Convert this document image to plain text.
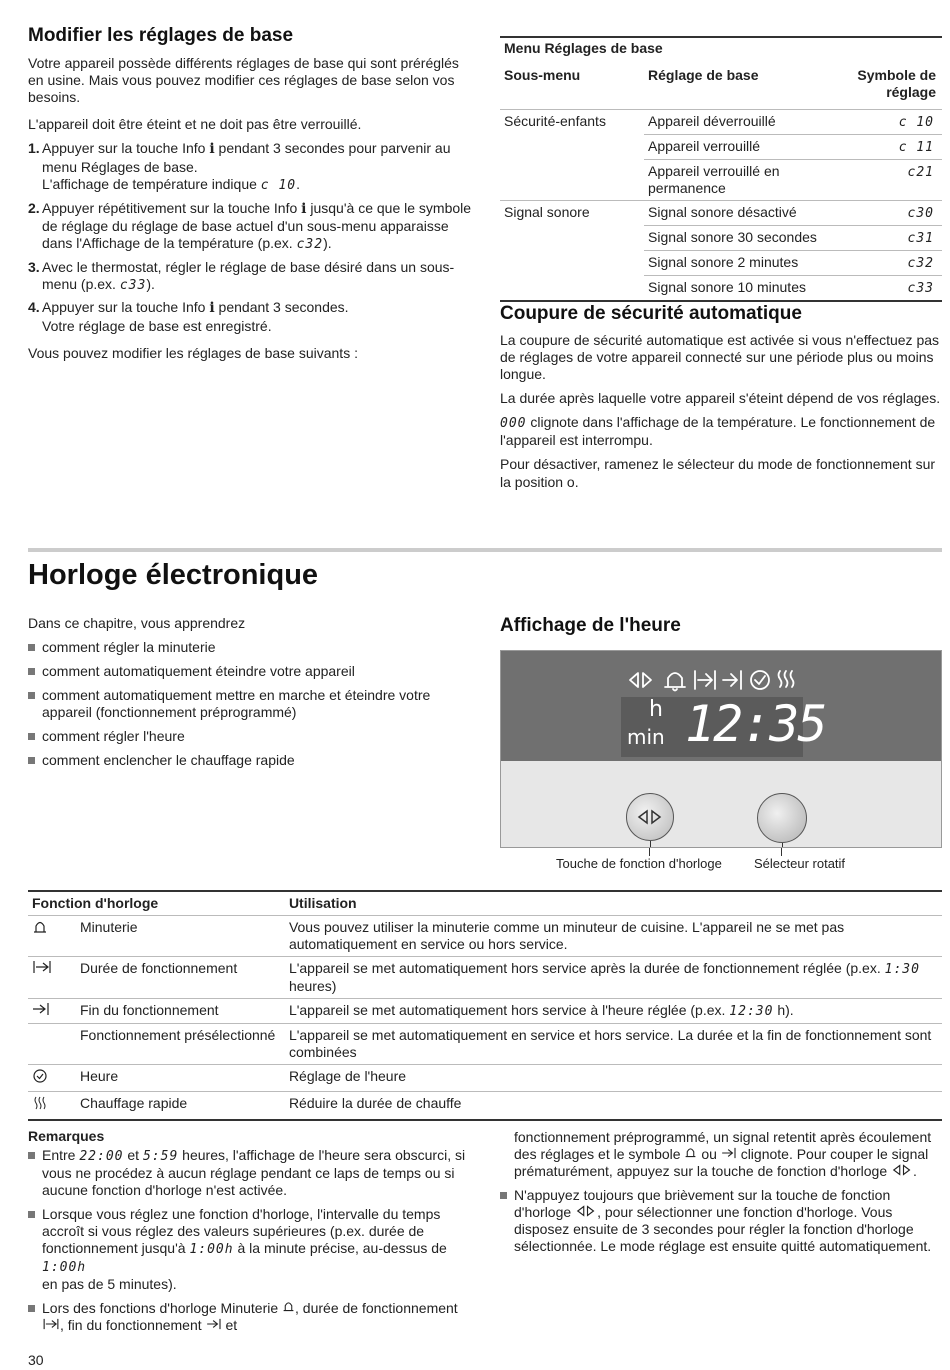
Modifier les réglages de base

Votre appareil possède différents réglages de base qui sont préréglés en usine. Mais vous pouvez modifier ces réglages de base selon vos besoins.

L'appareil doit être éteint et ne doit pas être verrouillé.

1. Appuyer sur la touche Info i pendant 3 secondes pour parvenir au menu Réglages de base.
L'affichage de température indique c 10.
2. Appuyer répétitivement sur la touche Info i jusqu'à ce que le symbole de réglage du réglage de base actuel d'un sous-menu apparaisse dans l'Affichage de la température (p.ex. c32).
3. Avec le thermostat, régler le réglage de base désiré dans un sous-menu (p.ex. c33).
4. Appuyer sur la touche Info i pendant 3 secondes.
Votre réglage de base est enregistré.

Vous pouvez modifier les réglages de base suivants :

Menu Réglages de base		
Sous-menu	Réglage de base	Symbole de réglage
Sécurité-enfants	Appareil déverrouillé	c 10
	Appareil verrouillé	c 11
	Appareil verrouillé en permanence	c21
Signal sonore	Signal sonore désactivé	c30
	Signal sonore 30 secondes	c31
	Signal sonore 2 minutes	c32
	Signal sonore 10 minutes	c33
Coupure de sécurité automatique

La coupure de sécurité automatique est activée si vous n'effectuez pas de réglages de votre appareil connecté sur une période plus ou moins longue.

La durée après laquelle votre appareil s'éteint dépend de vos réglages.

000 clignote dans l'affichage de la température. Le fonctionnement de l'appareil est interrompu.

Pour désactiver, ramenez le sélecteur du mode de fonctionnement sur la position o.

Horloge électronique

Dans ce chapitre, vous apprendrez

comment régler la minuterie
comment automatiquement éteindre votre appareil
comment automatiquement mettre en marche et éteindre votre appareil (fonctionnement préprogrammé)
comment régler l'heure
comment enclencher le chauffage rapide
Affichage de l'heure
h
min 12:35
Touche de fonction d'horloge Sélecteur rotatif
Fonction d'horloge		Utilisation
	Minuterie	Vous pouvez utiliser la minuterie comme un minuteur de cuisine. L'appareil ne se met pas automatiquement en service ou hors service.
	Durée de fonctionnement	L'appareil se met automatiquement hors service après la durée de fonctionnement réglée (p.ex. 1:30 heures)
	Fin du fonctionnement	L'appareil se met automatiquement hors service à l'heure réglée (p.ex. 12:30 h).
	Fonctionnement présélectionné	L'appareil se met automatiquement en service et hors service. La durée et la fin de fonctionnement sont combinées
	Heure	Réglage de l'heure
	Chauffage rapide	Réduire la durée de chauffe
Remarques
Entre 22:00 et 5:59 heures, l'affichage de l'heure sera obscurci, si vous ne procédez à aucun réglage pendant ce laps de temps ou si aucune fonction d'horloge n'est activée.
Lorsque vous réglez une fonction d'horloge, l'intervalle du temps accroît si vous réglez des valeurs supérieures (p.ex. durée de fonctionnement jusqu'à 1:00h à la minute précise, au-dessus de 1:00h
en pas de 5 minutes).
Lors des fonctions d'horloge Minuterie , durée de fonctionnement , fin du fonctionnement et

fonctionnement préprogrammé, un signal retentit après écoulement des réglages et le symbole ou clignote. Pour couper le signal prématurément, appuyez sur la touche de fonction d'horloge .

N'appuyez toujours que brièvement sur la touche de fonction d'horloge , pour sélectionner une fonction d'horloge. Vous disposez ensuite de 3 secondes pour régler la fonction d'horloge sélectionnée. Le mode réglage est ensuite quitté automatiquement.
30
